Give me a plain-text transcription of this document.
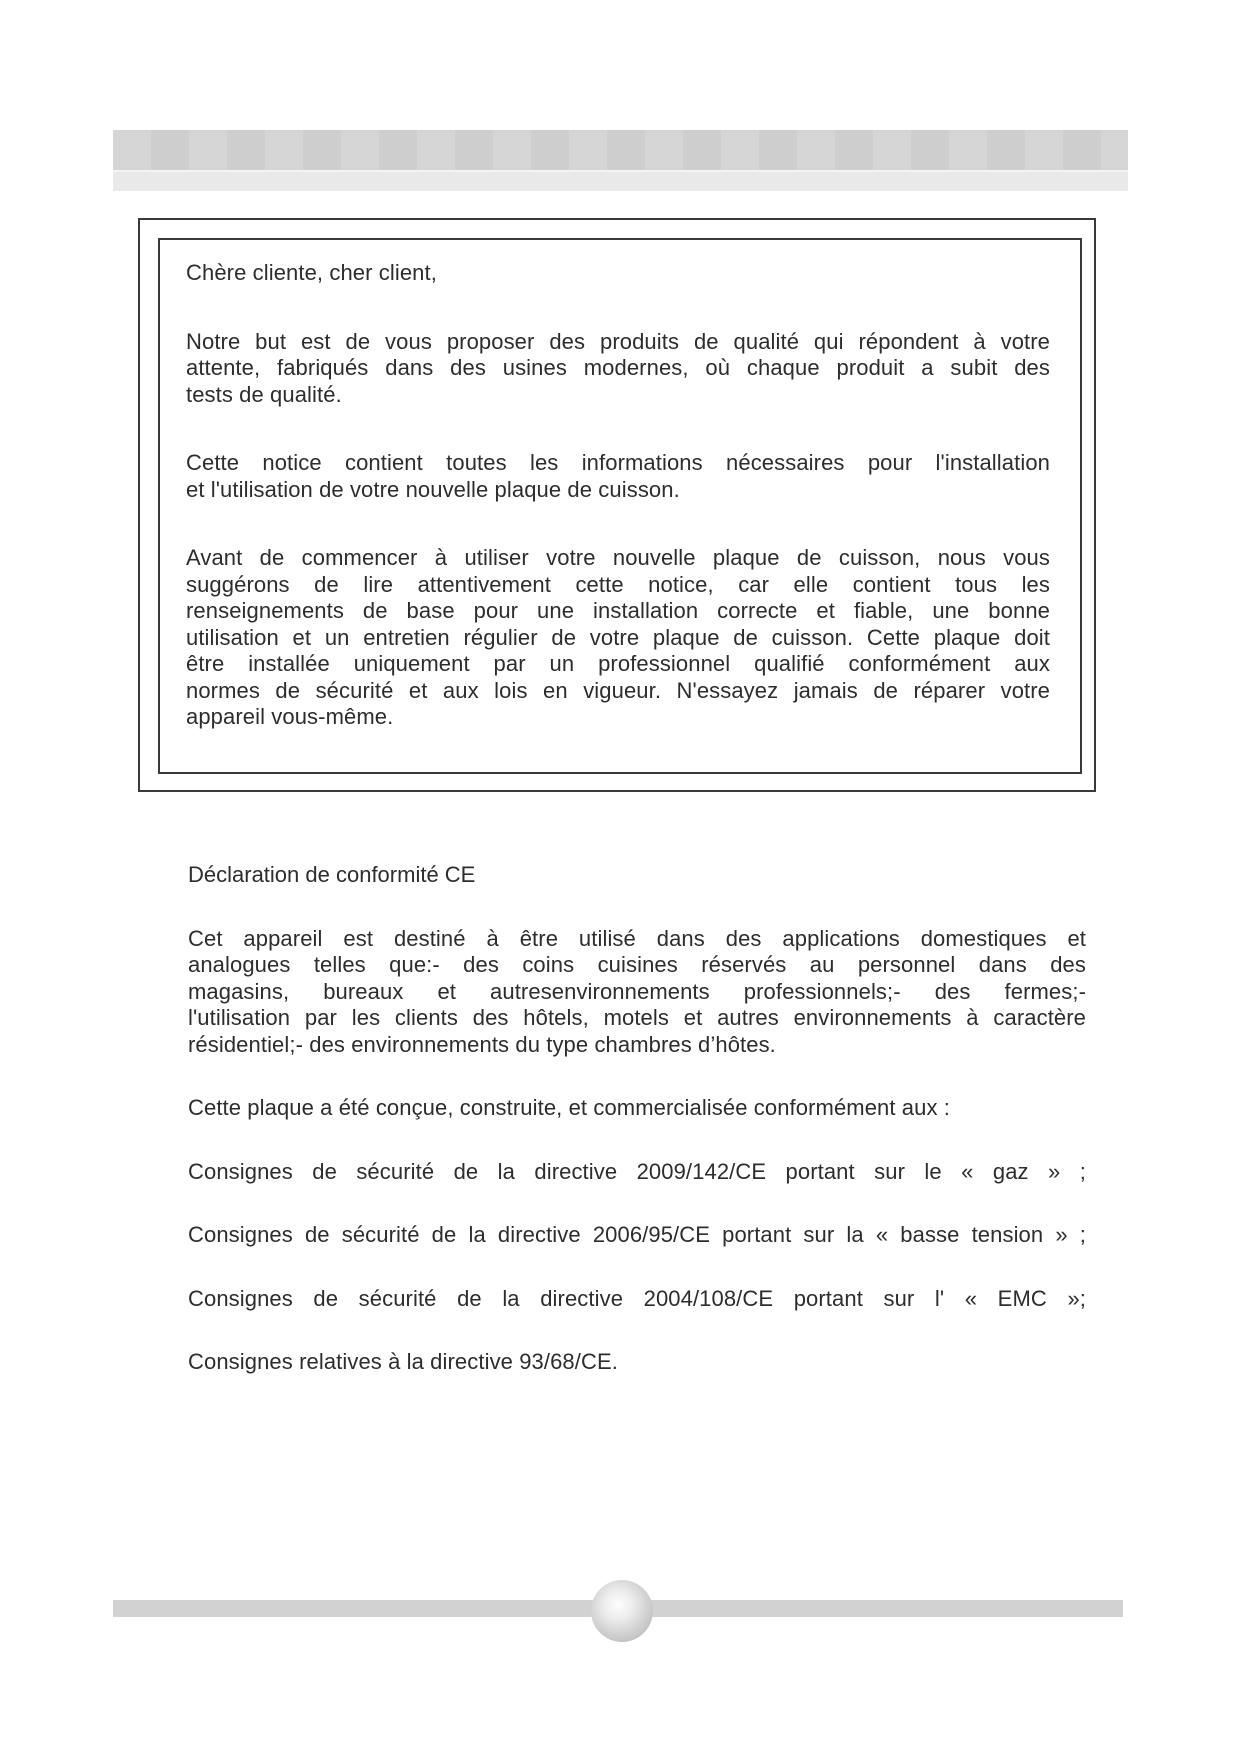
Chère cliente, cher client,
Notre but est de vous proposer des produits de qualité qui répondent à votre
attente, fabriqués dans des usines modernes, où chaque produit a subit des
tests de qualité.
Cette notice contient toutes les informations nécessaires pour l'installation
et l'utilisation de votre nouvelle plaque de cuisson.
Avant de commencer à utiliser votre nouvelle plaque de cuisson, nous vous
suggérons de lire attentivement cette notice, car elle contient tous les
renseignements de base pour une installation correcte et fiable, une bonne
utilisation et un entretien régulier de votre plaque de cuisson. Cette plaque doit
être installée uniquement par un professionnel qualifié conformément aux
normes de sécurité et aux lois en vigueur. N'essayez jamais de réparer votre
appareil vous-même.
Déclaration de conformité CE
Cet appareil est destiné à être utilisé dans des applications domestiques et
analogues telles que:- des coins cuisines réservés au personnel dans des
magasins, bureaux et autresenvironnements professionnels;- des fermes;-
l'utilisation par les clients des hôtels, motels et autres environnements à caractère
résidentiel;- des environnements du type chambres d’hôtes.
Cette plaque a été conçue, construite, et commercialisée conformément aux :
Consignes de sécurité de la directive 2009/142/CE portant sur le « gaz » ;
Consignes de sécurité de la directive 2006/95/CE portant sur la « basse tension » ;
Consignes de sécurité de la directive 2004/108/CE portant sur l' « EMC »;
Consignes relatives à la directive 93/68/CE.
